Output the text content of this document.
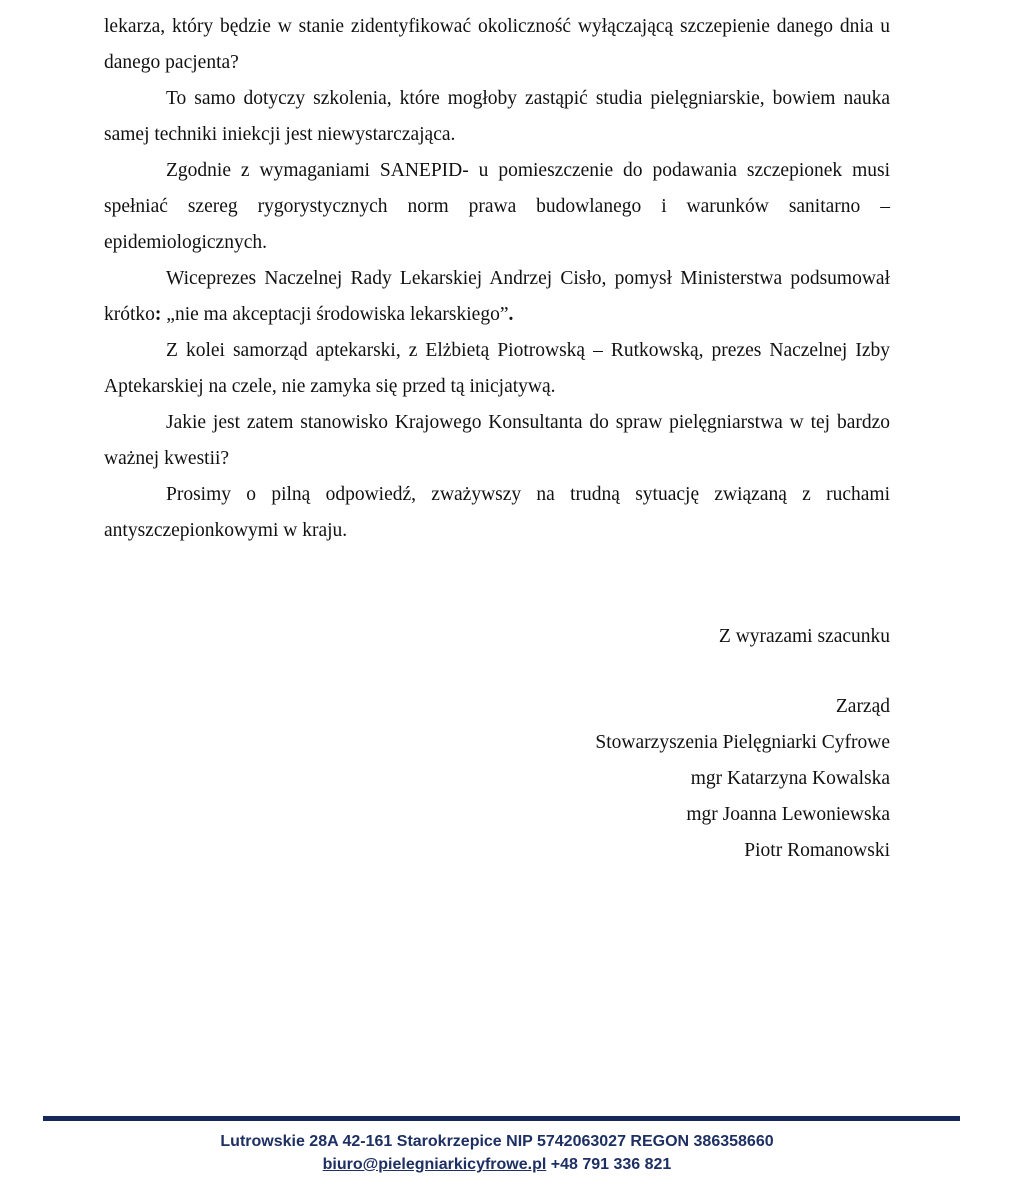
lekarza, który będzie w stanie zidentyfikować okoliczność wyłączającą szczepienie danego dnia u danego pacjenta?

To samo dotyczy szkolenia, które mogłoby zastąpić studia pielęgniarskie, bowiem nauka samej techniki iniekcji jest niewystarczająca.

Zgodnie z wymaganiami SANEPID- u pomieszczenie do podawania szczepionek musi spełniać szereg rygorystycznych norm prawa budowlanego i warunków sanitarno – epidemiologicznych.

Wiceprezes Naczelnej Rady Lekarskiej Andrzej Cisło, pomysł Ministerstwa podsumował krótko: „nie ma akceptacji środowiska lekarskiego”.

Z kolei samorząd aptekarski, z Elżbietą Piotrowską – Rutkowską, prezes Naczelnej Izby Aptekarskiej na czele, nie zamyka się przed tą inicjatywą.

Jakie jest zatem stanowisko Krajowego Konsultanta do spraw pielęgniarstwa w tej bardzo ważnej kwestii?

Prosimy o pilną odpowiedź, zważywszy na trudną sytuację związaną z ruchami antyszczepionkowymi w kraju.

Z wyrazami szacunku

Zarząd
Stowarzyszenia Pielęgniarki Cyfrowe
mgr Katarzyna Kowalska
mgr Joanna Lewoniewska
Piotr Romanowski
Lutrowskie 28A 42-161 Starokrzepice NIP 5742063027 REGON 386358660
biuro@pielegniarkicyfrowe.pl +48 791 336 821
